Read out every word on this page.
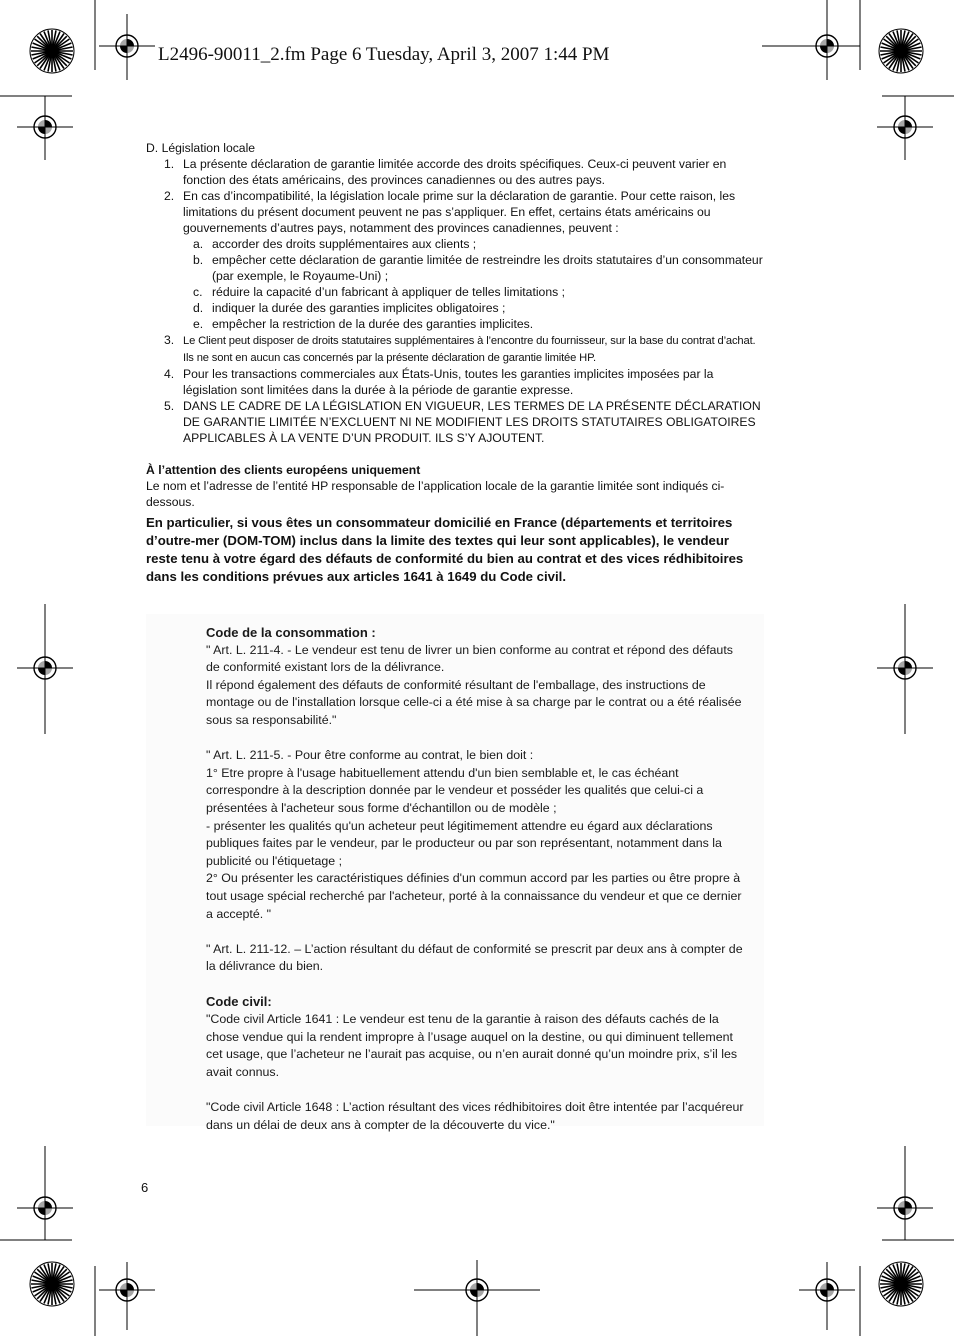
L2496-90011_2.fm Page 6 Tuesday, April 3, 2007 1:44 PM

D. Législation locale

1. La présente déclaration de garantie limitée accorde des droits spécifiques. Ceux-ci peuvent varier en fonction des états américains, des provinces canadiennes ou des autres pays.
2. En cas d’incompatibilité, la législation locale prime sur la déclaration de garantie. Pour cette raison, les limitations du présent document peuvent ne pas s’appliquer. En effet, certains états américains ou gouvernements d’autres pays, notamment des provinces canadiennes, peuvent :
a. accorder des droits supplémentaires aux clients ;
b. empêcher cette déclaration de garantie limitée de restreindre les droits statutaires d’un consommateur (par exemple, le Royaume-Uni) ;
c. réduire la capacité d’un fabricant à appliquer de telles limitations ;
d. indiquer la durée des garanties implicites obligatoires ;
e. empêcher la restriction de la durée des garanties implicites.
3. Le Client peut disposer de droits statutaires supplémentaires à l’encontre du fournisseur, sur la base du contrat d’achat. Ils ne sont en aucun cas concernés par la présente déclaration de garantie limitée HP.
4. Pour les transactions commerciales aux États-Unis, toutes les garanties implicites imposées par la législation sont limitées dans la durée à la période de garantie expresse.
5. DANS LE CADRE DE LA LÉGISLATION EN VIGUEUR, LES TERMES DE LA PRÉSENTE DÉCLARATION DE GARANTIE LIMITÉE N’EXCLUENT NI NE MODIFIENT LES DROITS STATUTAIRES OBLIGATOIRES APPLICABLES À LA VENTE D’UN PRODUIT. ILS S’Y AJOUTENT.
À l’attention des clients européens uniquement
Le nom et l’adresse de l’entité HP responsable de l’application locale de la garantie limitée sont indiqués ci-dessous.
En particulier, si vous êtes un consommateur domicilié en France (départements et territoires d’outre-mer (DOM-TOM) inclus dans la limite des textes qui leur sont applicables), le vendeur reste tenu à votre égard des défauts de conformité du bien au contrat et des vices rédhibitoires dans les conditions prévues aux articles 1641 à 1649 du Code civil.

Code de la consommation :

" Art. L. 211-4. - Le vendeur est tenu de livrer un bien conforme au contrat et répond des défauts de conformité existant lors de la délivrance.

Il répond également des défauts de conformité résultant de l'emballage, des instructions de montage ou de l'installation lorsque celle-ci a été mise à sa charge par le contrat ou a été réalisée sous sa responsabilité."

" Art. L. 211-5. - Pour être conforme au contrat, le bien doit :

1° Etre propre à l'usage habituellement attendu d'un bien semblable et, le cas échéant correspondre à la description donnée par le vendeur et posséder les qualités que celui-ci a présentées à l'acheteur sous forme d'échantillon ou de modèle ;

- présenter les qualités qu'un acheteur peut légitimement attendre eu égard aux déclarations publiques faites par le vendeur, par le producteur ou par son représentant, notamment dans la publicité ou l'étiquetage ;

2° Ou présenter les caractéristiques définies d'un commun accord par les parties ou être propre à tout usage spécial recherché par l'acheteur, porté à la connaissance du vendeur et que ce dernier a accepté. "

" Art. L. 211-12. – L’action résultant du défaut de conformité se prescrit par deux ans à compter de la délivrance du bien.

Code civil:

"Code civil Article 1641 : Le vendeur est tenu de la garantie à raison des défauts cachés de la chose vendue qui la rendent impropre à l’usage auquel on la destine, ou qui diminuent tellement cet usage, que l’acheteur ne l’aurait pas acquise, ou n’en aurait donné qu’un moindre prix, s’il les avait connus.

"Code civil Article 1648 : L’action résultant des vices rédhibitoires doit être intentée par l’acquéreur dans un délai de deux ans à compter de la découverte du vice."

6
